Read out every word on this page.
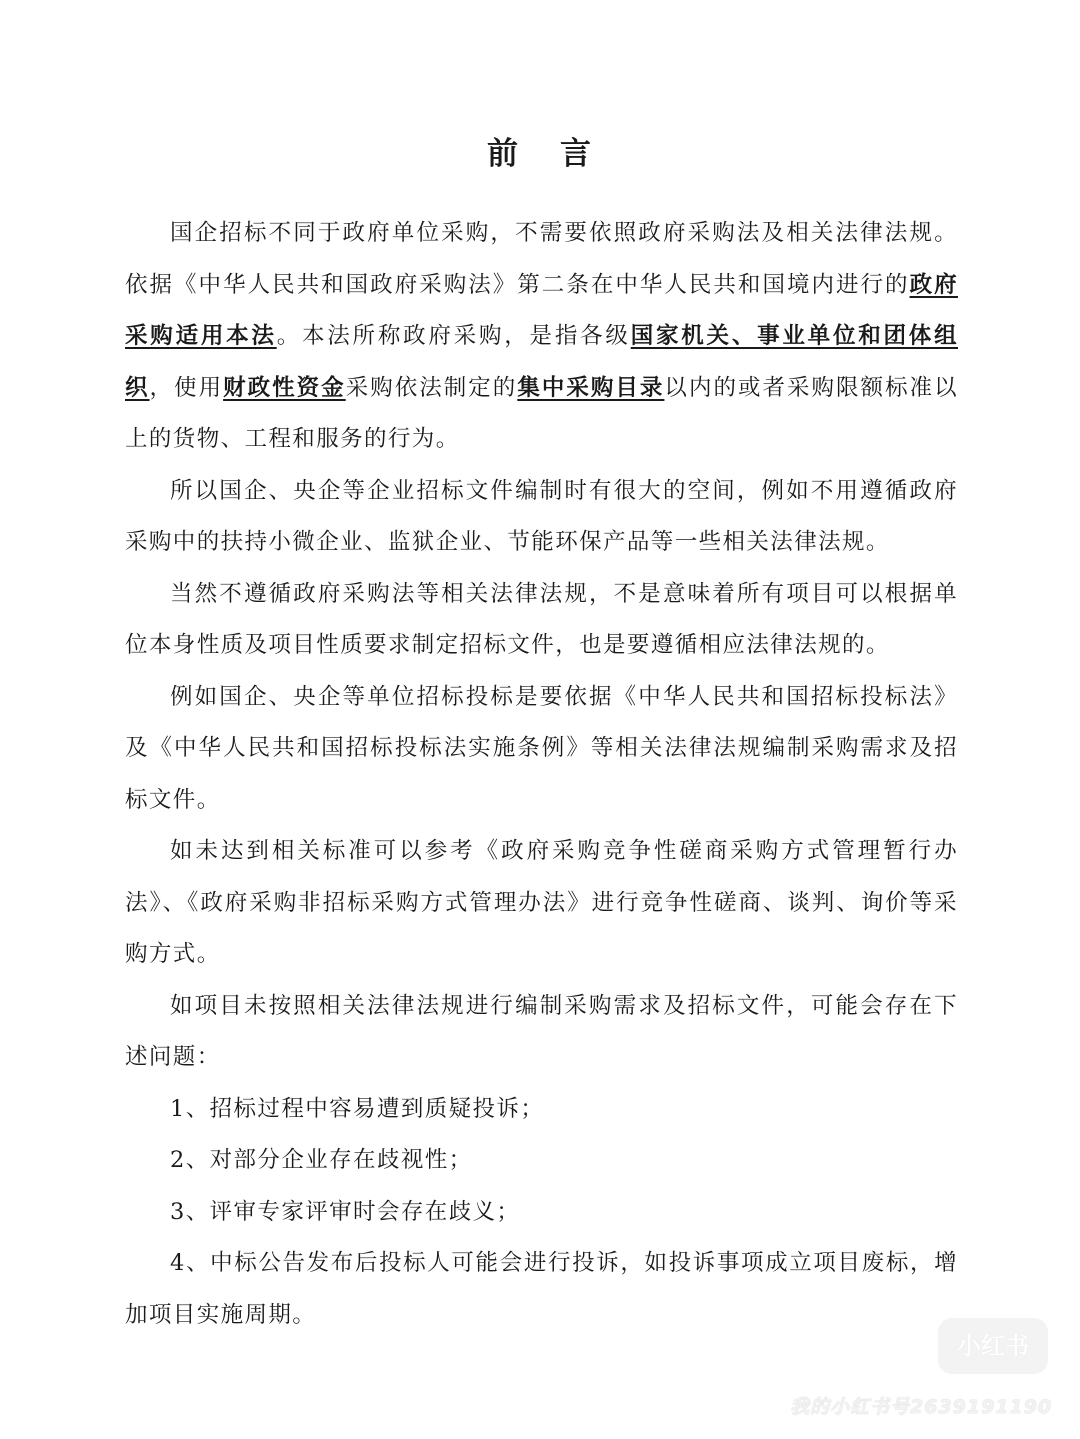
前 言

国企招标不同于政府单位采购，不需要依照政府采购法及相关法律法规。依据《中华人民共和国政府采购法》第二条在中华人民共和国境内进行的政府采购适用本法。本法所称政府采购，是指各级国家机关、事业单位和团体组织，使用财政性资金采购依法制定的集中采购目录以内的或者采购限额标准以上的货物、工程和服务的行为。

所以国企、央企等企业招标文件编制时有很大的空间，例如不用遵循政府采购中的扶持小微企业、监狱企业、节能环保产品等一些相关法律法规。

当然不遵循政府采购法等相关法律法规，不是意味着所有项目可以根据单位本身性质及项目性质要求制定招标文件，也是要遵循相应法律法规的。

例如国企、央企等单位招标投标是要依据《中华人民共和国招标投标法》及《中华人民共和国招标投标法实施条例》等相关法律法规编制采购需求及招标文件。

如未达到相关标准可以参考《政府采购竞争性磋商采购方式管理暂行办法》、《政府采购非招标采购方式管理办法》进行竞争性磋商、谈判、询价等采购方式。

如项目未按照相关法律法规进行编制采购需求及招标文件，可能会存在下述问题：

1、招标过程中容易遭到质疑投诉；

2、对部分企业存在歧视性；

3、评审专家评审时会存在歧义；

4、中标公告发布后投标人可能会进行投诉，如投诉事项成立项目废标，增加项目实施周期。

小红书
我的小红书号2639191190
